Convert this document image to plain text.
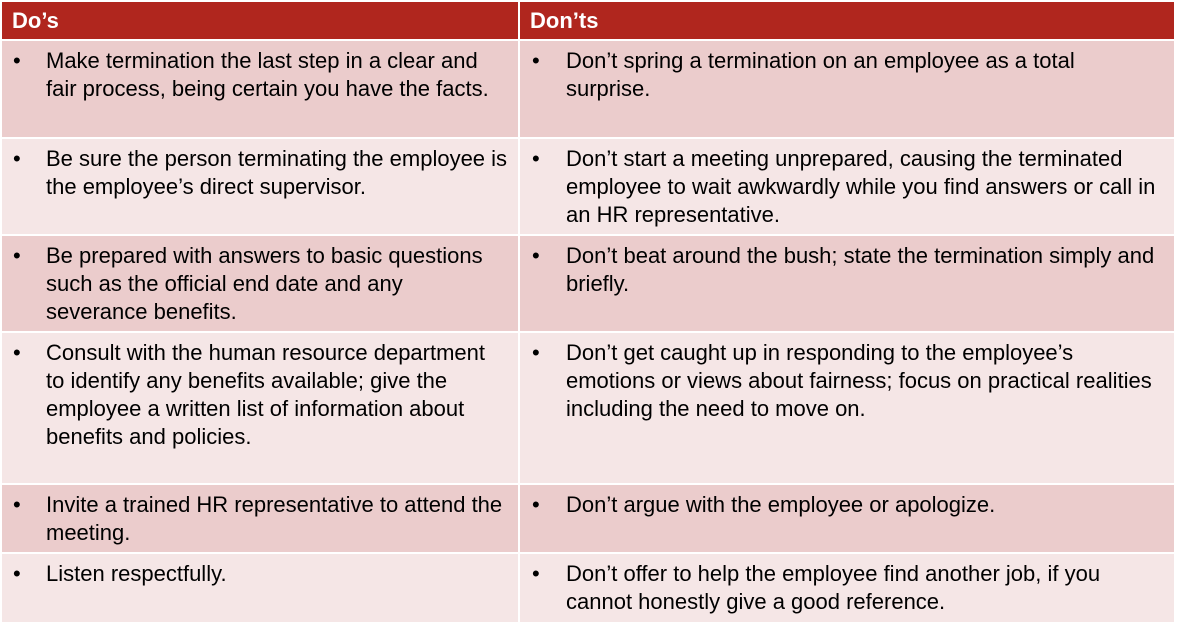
Do’s	Don’ts
• Make termination the last step in a clear and fair process, being certain you have the facts.
• Don’t spring a termination on an employee as a total surprise.
• Be sure the person terminating the employee is the employee’s direct supervisor.
• Don’t start a meeting unprepared, causing the terminated employee to wait awkwardly while you find answers or call in an HR representative.
• Be prepared with answers to basic questions such as the official end date and any severance benefits.
• Don’t beat around the bush; state the termination simply and briefly.
• Consult with the human resource department to identify any benefits available; give the employee a written list of information about benefits and policies.
• Don’t get caught up in responding to the employee’s emotions or views about fairness; focus on practical realities including the need to move on.
• Invite a trained HR representative to attend the meeting.
• Don’t argue with the employee or apologize.
• Listen respectfully.	• Don’t offer to help the employee find another job, if you cannot honestly give a good reference.
